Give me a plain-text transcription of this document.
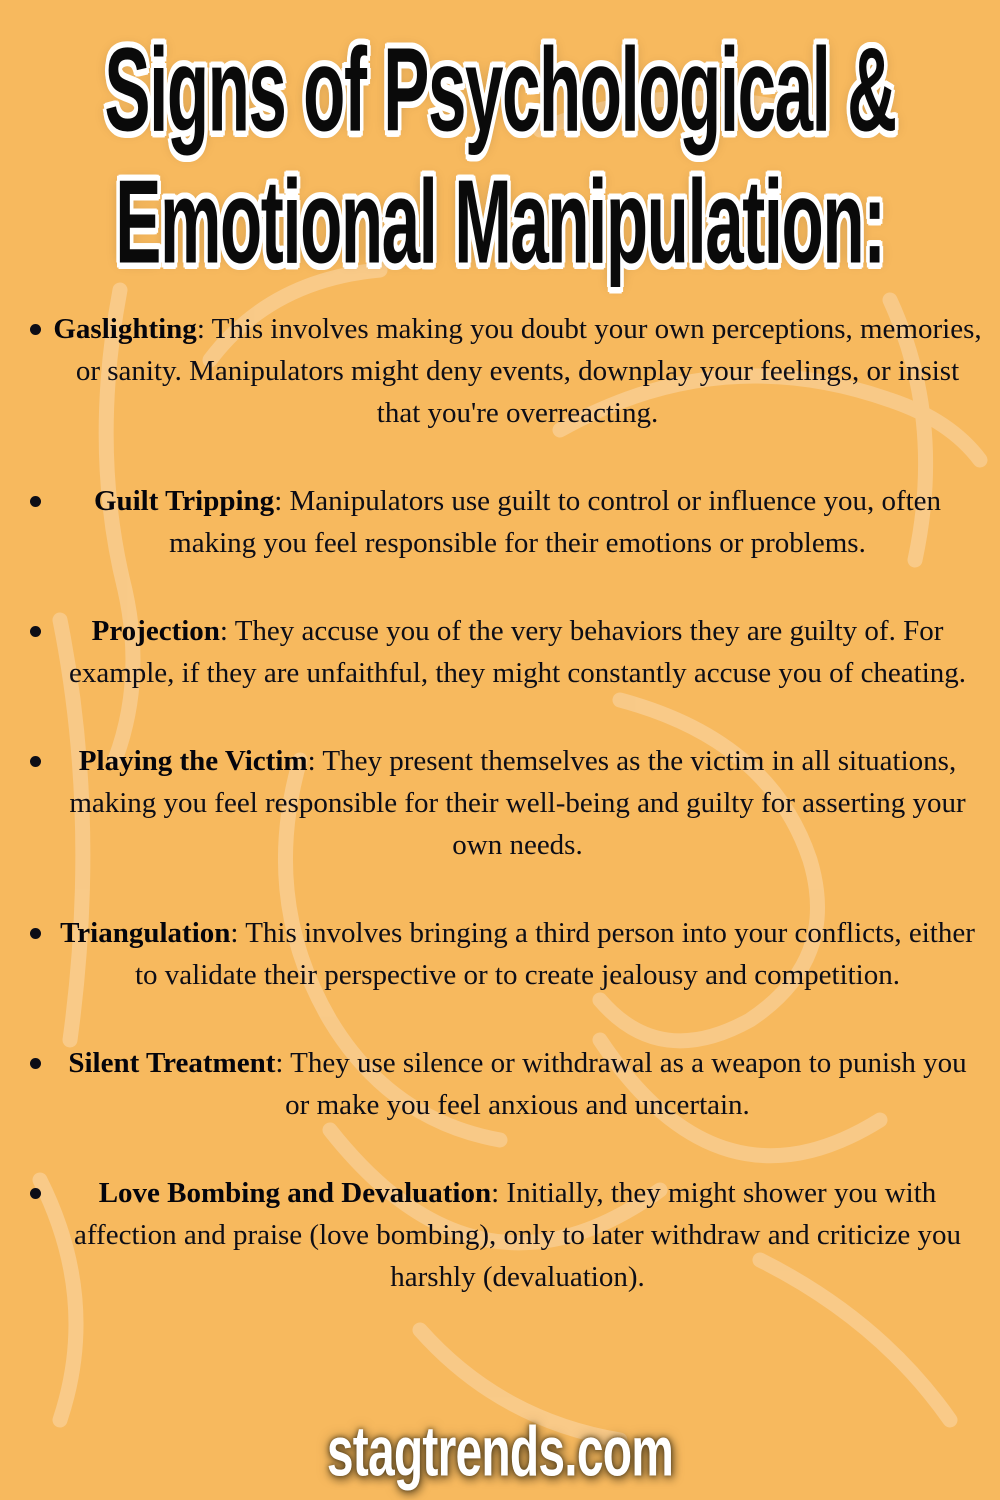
Signs of Psychological &
Emotional Manipulation:

Gaslighting: This involves making you doubt your own perceptions, memories, or sanity. Manipulators might deny events, downplay your feelings, or insist that you're overreacting.

Guilt Tripping: Manipulators use guilt to control or influence you, often making you feel responsible for their emotions or problems.

Projection: They accuse you of the very behaviors they are guilty of. For example, if they are unfaithful, they might constantly accuse you of cheating.

Playing the Victim: They present themselves as the victim in all situations, making you feel responsible for their well-being and guilty for asserting your own needs.

Triangulation: This involves bringing a third person into your conflicts, either to validate their perspective or to create jealousy and competition.

Silent Treatment: They use silence or withdrawal as a weapon to punish you or make you feel anxious and uncertain.

Love Bombing and Devaluation: Initially, they might shower you with affection and praise (love bombing), only to later withdraw and criticize you harshly (devaluation).

stagtrends.com
